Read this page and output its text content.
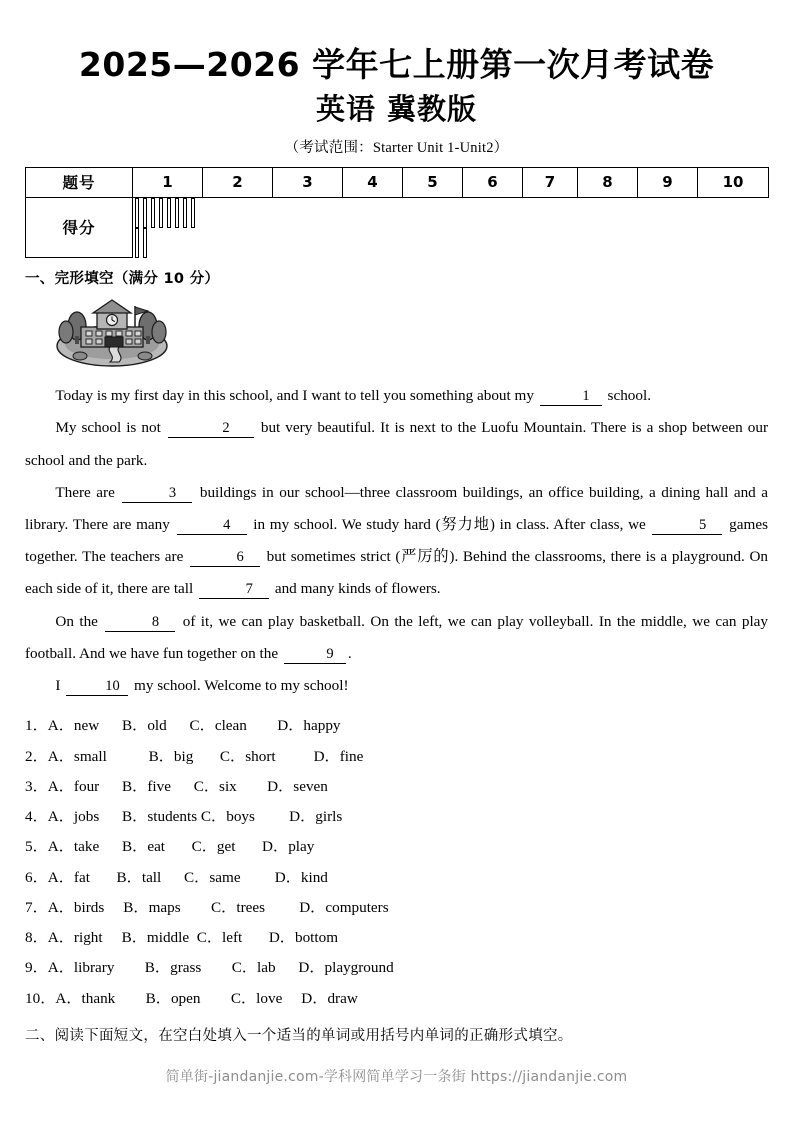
2025—2026 学年七上册第一次月考试卷
英语 冀教版
（考试范围：Starter Unit 1-Unit2）
题号	1	2	3	4	5	6	7	8	9	10
得分	
一、完形填空（满分 10 分）

Today is my first day in this school, and I want to tell you something about my	1 school.

My school is not	2 but very beautiful. It is next to the Luofu Mountain. There is a shop between our school and the park.

There are	3 buildings in our school—three classroom buildings, an office building, a dining hall and a library. There are many	4 in my school. We study hard (努力地) in class. After class, we	5 games together. The teachers are	6 but sometimes strict (严厉的). Behind the classrooms, there is a playground. On each side of it, there are tall	7 and many kinds of flowers.

On the	8 of it, we can play basketball. On the left, we can play volleyball. In the middle, we can play football. And we have fun together on the	9 .

I	10 my school. Welcome to my school!

1．A．new      B．old      C．clean        D．happy
2．A．small           B．big       C．short          D．fine
3．A．four      B．five      C．six        D．seven
4．A．jobs      B．students C．boys         D．girls
5．A．take      B．eat       C．get       D．play
6．A．fat       B．tall      C．same         D．kind
7．A．birds     B．maps        C．trees         D．computers
8．A．right     B．middle  C．left       D．bottom
9．A．library        B．grass        C．lab      D．playground
10．A．thank        B．open        C．love     D．draw
二、阅读下面短文，在空白处填入一个适当的单词或用括号内单词的正确形式填空。
简单街-jiandanjie.com-学科网简单学习一条街 https://jiandanjie.com
